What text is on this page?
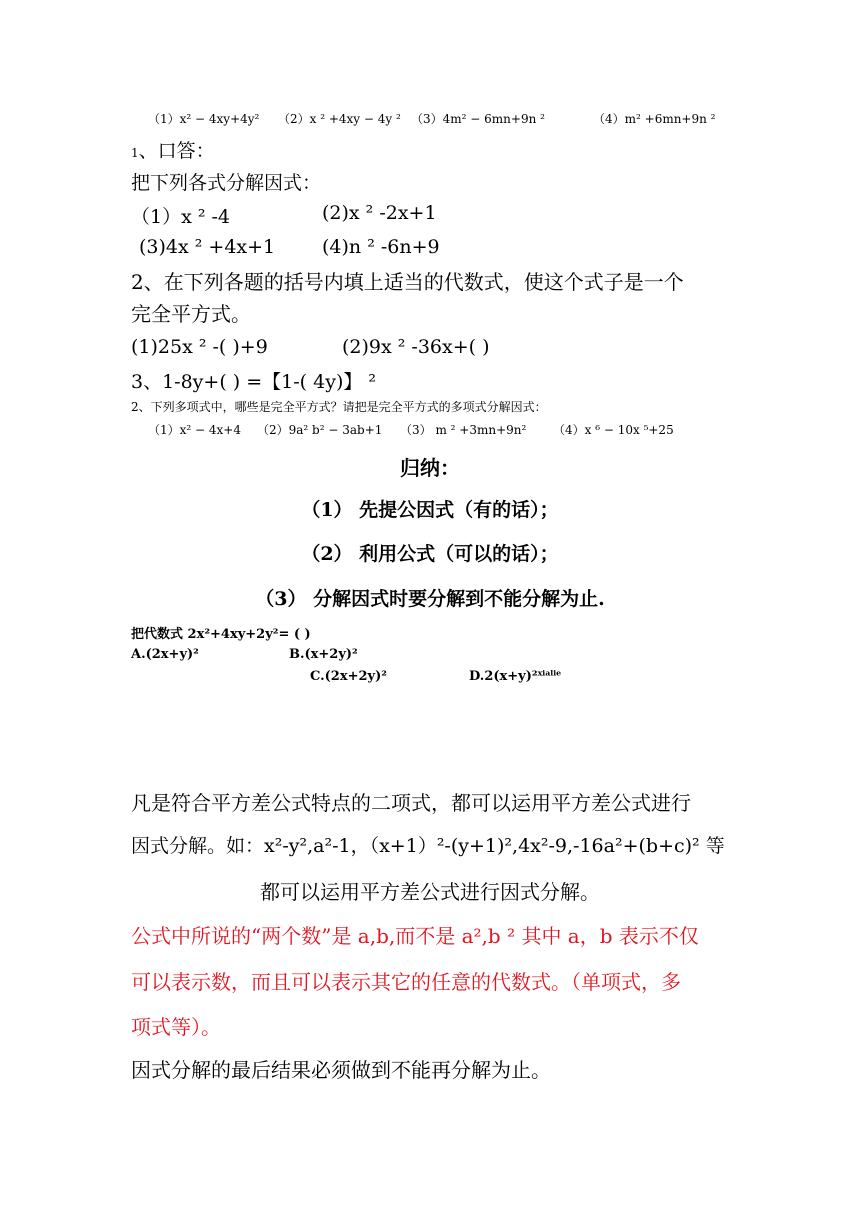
（1）x² − 4xy+4y² （2）x ² +4xy − 4y ² （3）4m² − 6mn+9n ²	（4）m² +6mn+9n ²
1、口答：
把下列各式分解因式：
（1）x ² -4	(2)x ² -2x+1
(3)4x ² +4x+1 (4)n ² -6n+9
2、在下列各题的括号内填上适当的代数式，使这个式子是一个
完全平方式。
(1)25x ² -( )+9	(2)9x ² -36x+( )
3、1-8y+( ) =【1-( 4y)】 ²
2、下列多项式中，哪些是完全平方式？请把是完全平方式的多项式分解因式：
（1）x² − 4x+4 （2）9a² b² − 3ab+1 （3） m ² +3mn+9n² （4）x ⁶ − 10x ⁵+25
归纳：
（1） 先提公因式（有的话）；
（2） 利用公式（可以的话）；
（3） 分解因式时要分解到不能分解为止.
把代数式 2x²+4xy+2y²= ( )
A.(2x+y)²	B.(x+2y)²
C.(2x+2y)²	D.2(x+y)²$^{xialie}$
凡是符合平方差公式特点的二项式，都可以运用平方差公式进行
因式分解。如：x²-y²,a²-1，（x+1）²-(y+1)²,4x²-9,-16a²+(b+c)² 等
都可以运用平方差公式进行因式分解。
公式中所说的“两个数”是 a,b,而不是 a²,b ² 其中 a，b 表示不仅
可以表示数，而且可以表示其它的任意的代数式。（单项式，多
项式等）。
因式分解的最后结果必须做到不能再分解为止。
